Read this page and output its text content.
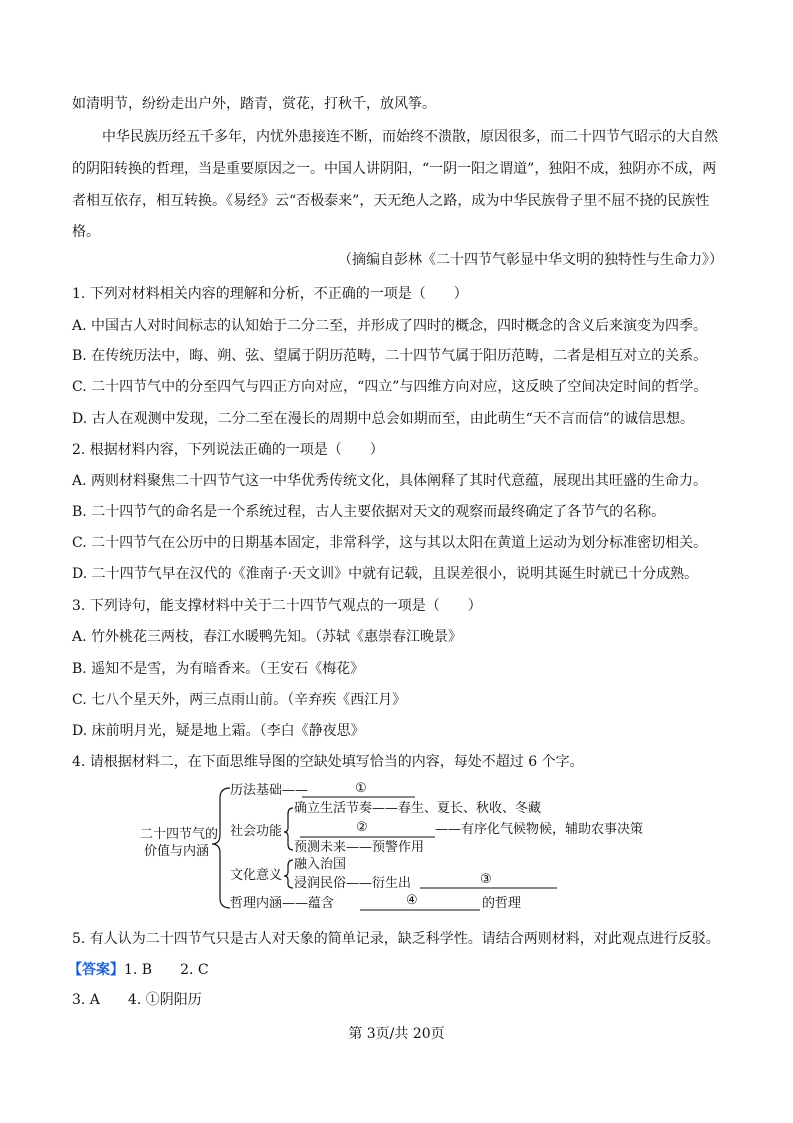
如清明节，纷纷走出户外，踏青，赏花，打秋千，放风筝。
中华民族历经五千多年，内忧外患接连不断，而始终不溃散，原因很多，而二十四节气昭示的大自然
的阴阳转换的哲理，当是重要原因之一。中国人讲阴阳，“一阴一阳之谓道”，独阳不成，独阴亦不成，两
者相互依存，相互转换。《易经》云“否极泰来”，天无绝人之路，成为中华民族骨子里不屈不挠的民族性
格。
（摘编自彭林《二十四节气彰显中华文明的独特性与生命力》）
1. 下列对材料相关内容的理解和分析，不正确的一项是（　　）
A. 中国古人对时间标志的认知始于二分二至，并形成了四时的概念，四时概念的含义后来演变为四季。
B. 在传统历法中，晦、朔、弦、望属于阴历范畴，二十四节气属于阳历范畴，二者是相互对立的关系。
C. 二十四节气中的分至四气与四正方向对应，“四立”与四维方向对应，这反映了空间决定时间的哲学。
D. 古人在观测中发现，二分二至在漫长的周期中总会如期而至，由此萌生“天不言而信”的诚信思想。
2. 根据材料内容，下列说法正确的一项是（　　）
A. 两则材料聚焦二十四节气这一中华优秀传统文化，具体阐释了其时代意蕴，展现出其旺盛的生命力。
B. 二十四节气的命名是一个系统过程，古人主要依据对天文的观察而最终确定了各节气的名称。
C. 二十四节气在公历中的日期基本固定，非常科学，这与其以太阳在黄道上运动为划分标准密切相关。
D. 二十四节气早在汉代的《淮南子·天文训》中就有记载，且误差很小，说明其诞生时就已十分成熟。
3. 下列诗句，能支撑材料中关于二十四节气观点的一项是（　　）
A. 竹外桃花三两枝，春江水暖鸭先知。（苏轼《惠崇春江晚景》
B. 遥知不是雪，为有暗香来。（王安石《梅花》
C. 七八个星天外，两三点雨山前。（辛弃疾《西江月》
D. 床前明月光，疑是地上霜。（李白《静夜思》
4. 请根据材料二，在下面思维导图的空缺处填写恰当的内容，每处不超过 6 个字。
二十四节气的
价值与内涵
历法基础——	①
社会功能
确立生活节奏——春生、夏长、秋收、冬藏
②	——有序化气候物候，辅助农事决策
预测未来——预警作用
文化意义
融入治国
浸润民俗——衍生出	③
哲理内涵——蕴含	④	的哲理
5. 有人认为二十四节气只是古人对天象的简单记录，缺乏科学性。请结合两则材料，对此观点进行反驳。
【答案】1. B　　2. C
3. A　　4. ①阴阳历
第 3页/共 20页
